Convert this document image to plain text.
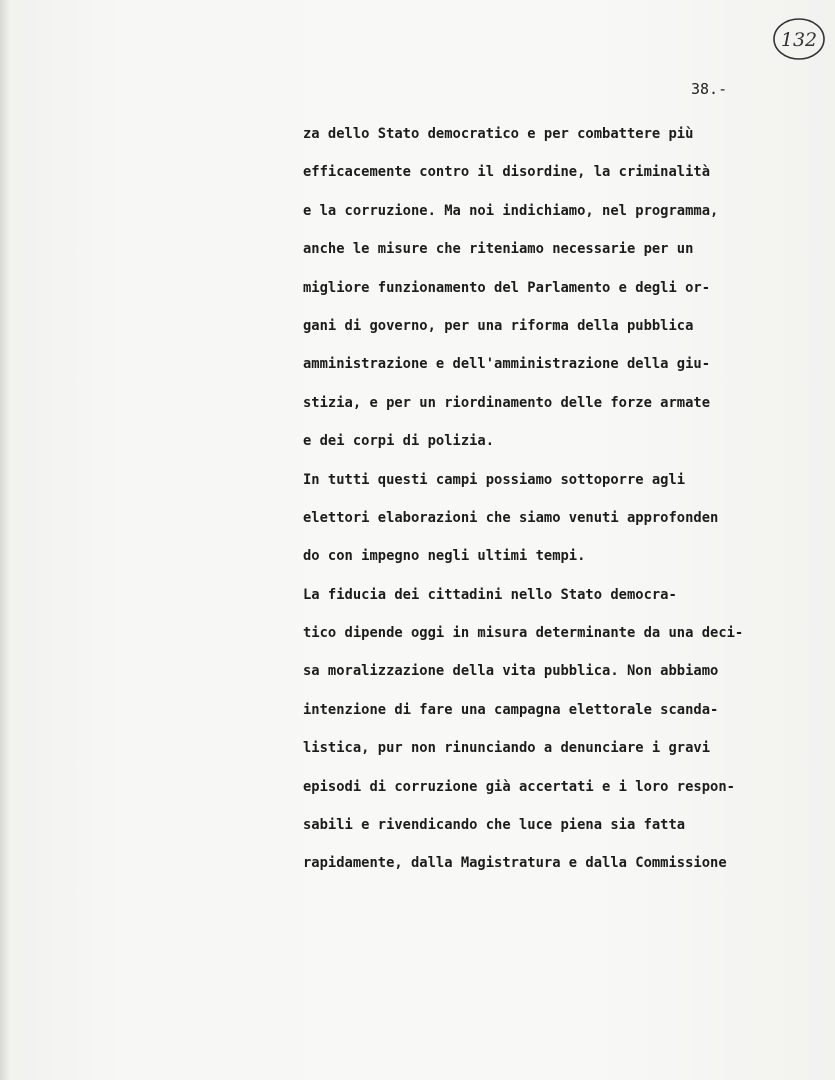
132
38.-
za dello Stato democratico e per combattere più
efficacemente contro il disordine, la criminalità
e la corruzione. Ma noi indichiamo, nel programma,
anche le misure che riteniamo necessarie per un
migliore funzionamento del Parlamento e degli or-
gani di governo, per una riforma della pubblica
amministrazione e dell'amministrazione della giu-
stizia, e per un riordinamento delle forze armate
e dei corpi di polizia.
In tutti questi campi possiamo sottoporre agli
elettori elaborazioni che siamo venuti approfonden
do con impegno negli ultimi tempi.
La fiducia dei cittadini nello Stato democra-
tico dipende oggi in misura determinante da una deci-
sa moralizzazione della vita pubblica. Non abbiamo
intenzione di fare una campagna elettorale scanda-
listica, pur non rinunciando a denunciare i gravi
episodi di corruzione già accertati e i loro respon-
sabili e rivendicando che luce piena sia fatta
rapidamente, dalla Magistratura e dalla Commissione
